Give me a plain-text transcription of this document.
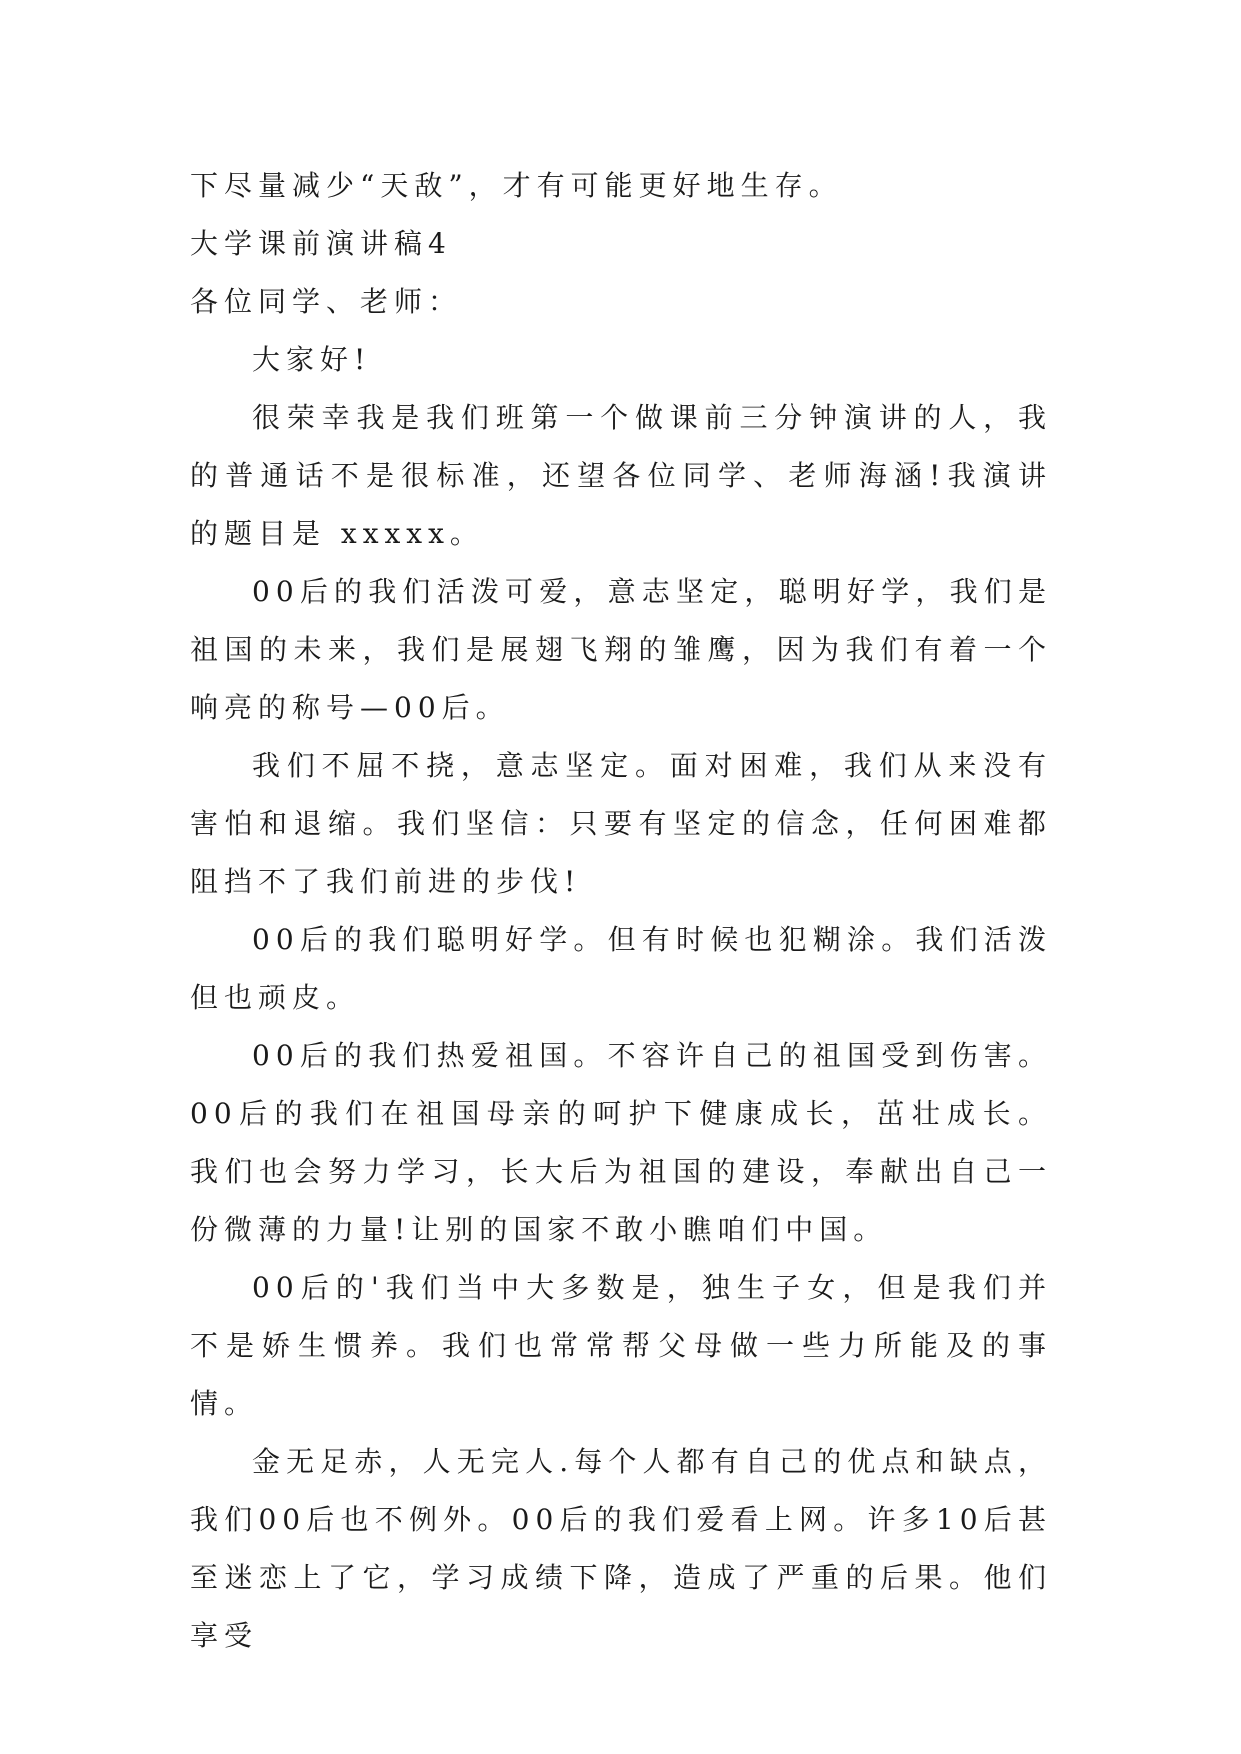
下尽量减少“天敌”，才有可能更好地生存。

大学课前演讲稿4

各位同学、老师：

大家好!

很荣幸我是我们班第一个做课前三分钟演讲的人，我的普通话不是很标准，还望各位同学、老师海涵!我演讲的题目是 xxxxx。

00后的我们活泼可爱，意志坚定，聪明好学，我们是祖国的未来，我们是展翅飞翔的雏鹰，因为我们有着一个响亮的称号—00后。

我们不屈不挠，意志坚定。面对困难，我们从来没有害怕和退缩。我们坚信：只要有坚定的信念，任何困难都阻挡不了我们前进的步伐!

00后的我们聪明好学。但有时候也犯糊涂。我们活泼但也顽皮。

00后的我们热爱祖国。不容许自己的祖国受到伤害。00后的我们在祖国母亲的呵护下健康成长，茁壮成长。我们也会努力学习，长大后为祖国的建设，奉献出自己一份微薄的力量!让别的国家不敢小瞧咱们中国。

00后的'我们当中大多数是，独生子女，但是我们并不是娇生惯养。我们也常常帮父母做一些力所能及的事情。

金无足赤，人无完人.每个人都有自己的优点和缺点，我们00后也不例外。00后的我们爱看上网。许多10后甚至迷恋上了它，学习成绩下降，造成了严重的后果。他们享受
